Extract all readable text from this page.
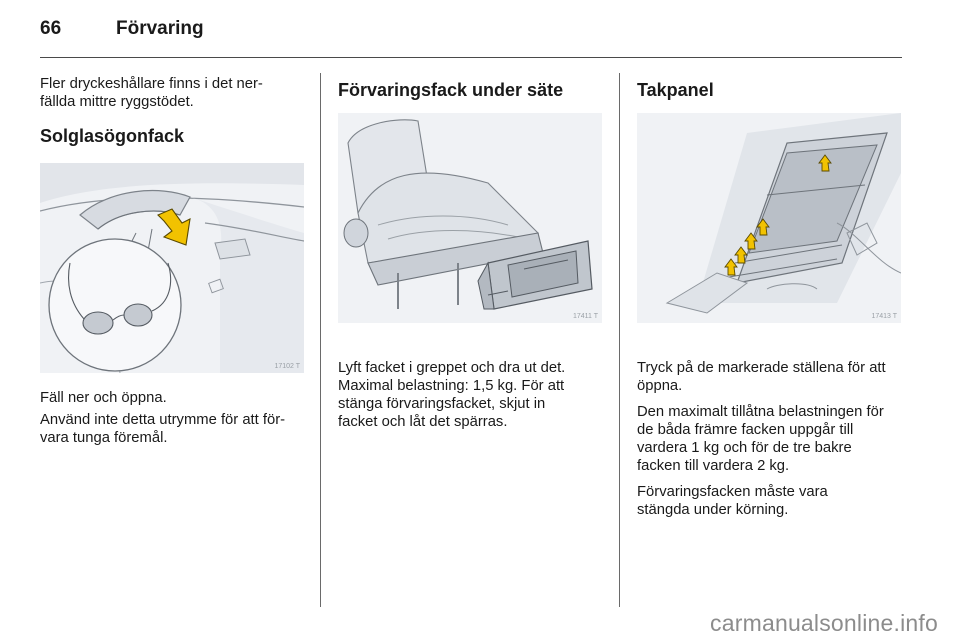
66	Förvaring

Fler dryckeshållare finns i det ner-
fällda mittre ryggstödet.

Solglasögonfack
17102 T

Fäll ner och öppna.

Använd inte detta utrymme för att för-
vara tunga föremål.

Förvaringsfack under säte
17411 T

Lyft facket i greppet och dra ut det.
Maximal belastning: 1,5 kg. För att
stänga förvaringsfacket, skjut in
facket och låt det spärras.

Takpanel
17413 T

Tryck på de markerade ställena för att
öppna.

Den maximalt tillåtna belastningen för
de båda främre facken uppgår till
vardera 1 kg och för de tre bakre
facken till vardera 2 kg.

Förvaringsfacken måste vara
stängda under körning.

carmanualsonline.info
